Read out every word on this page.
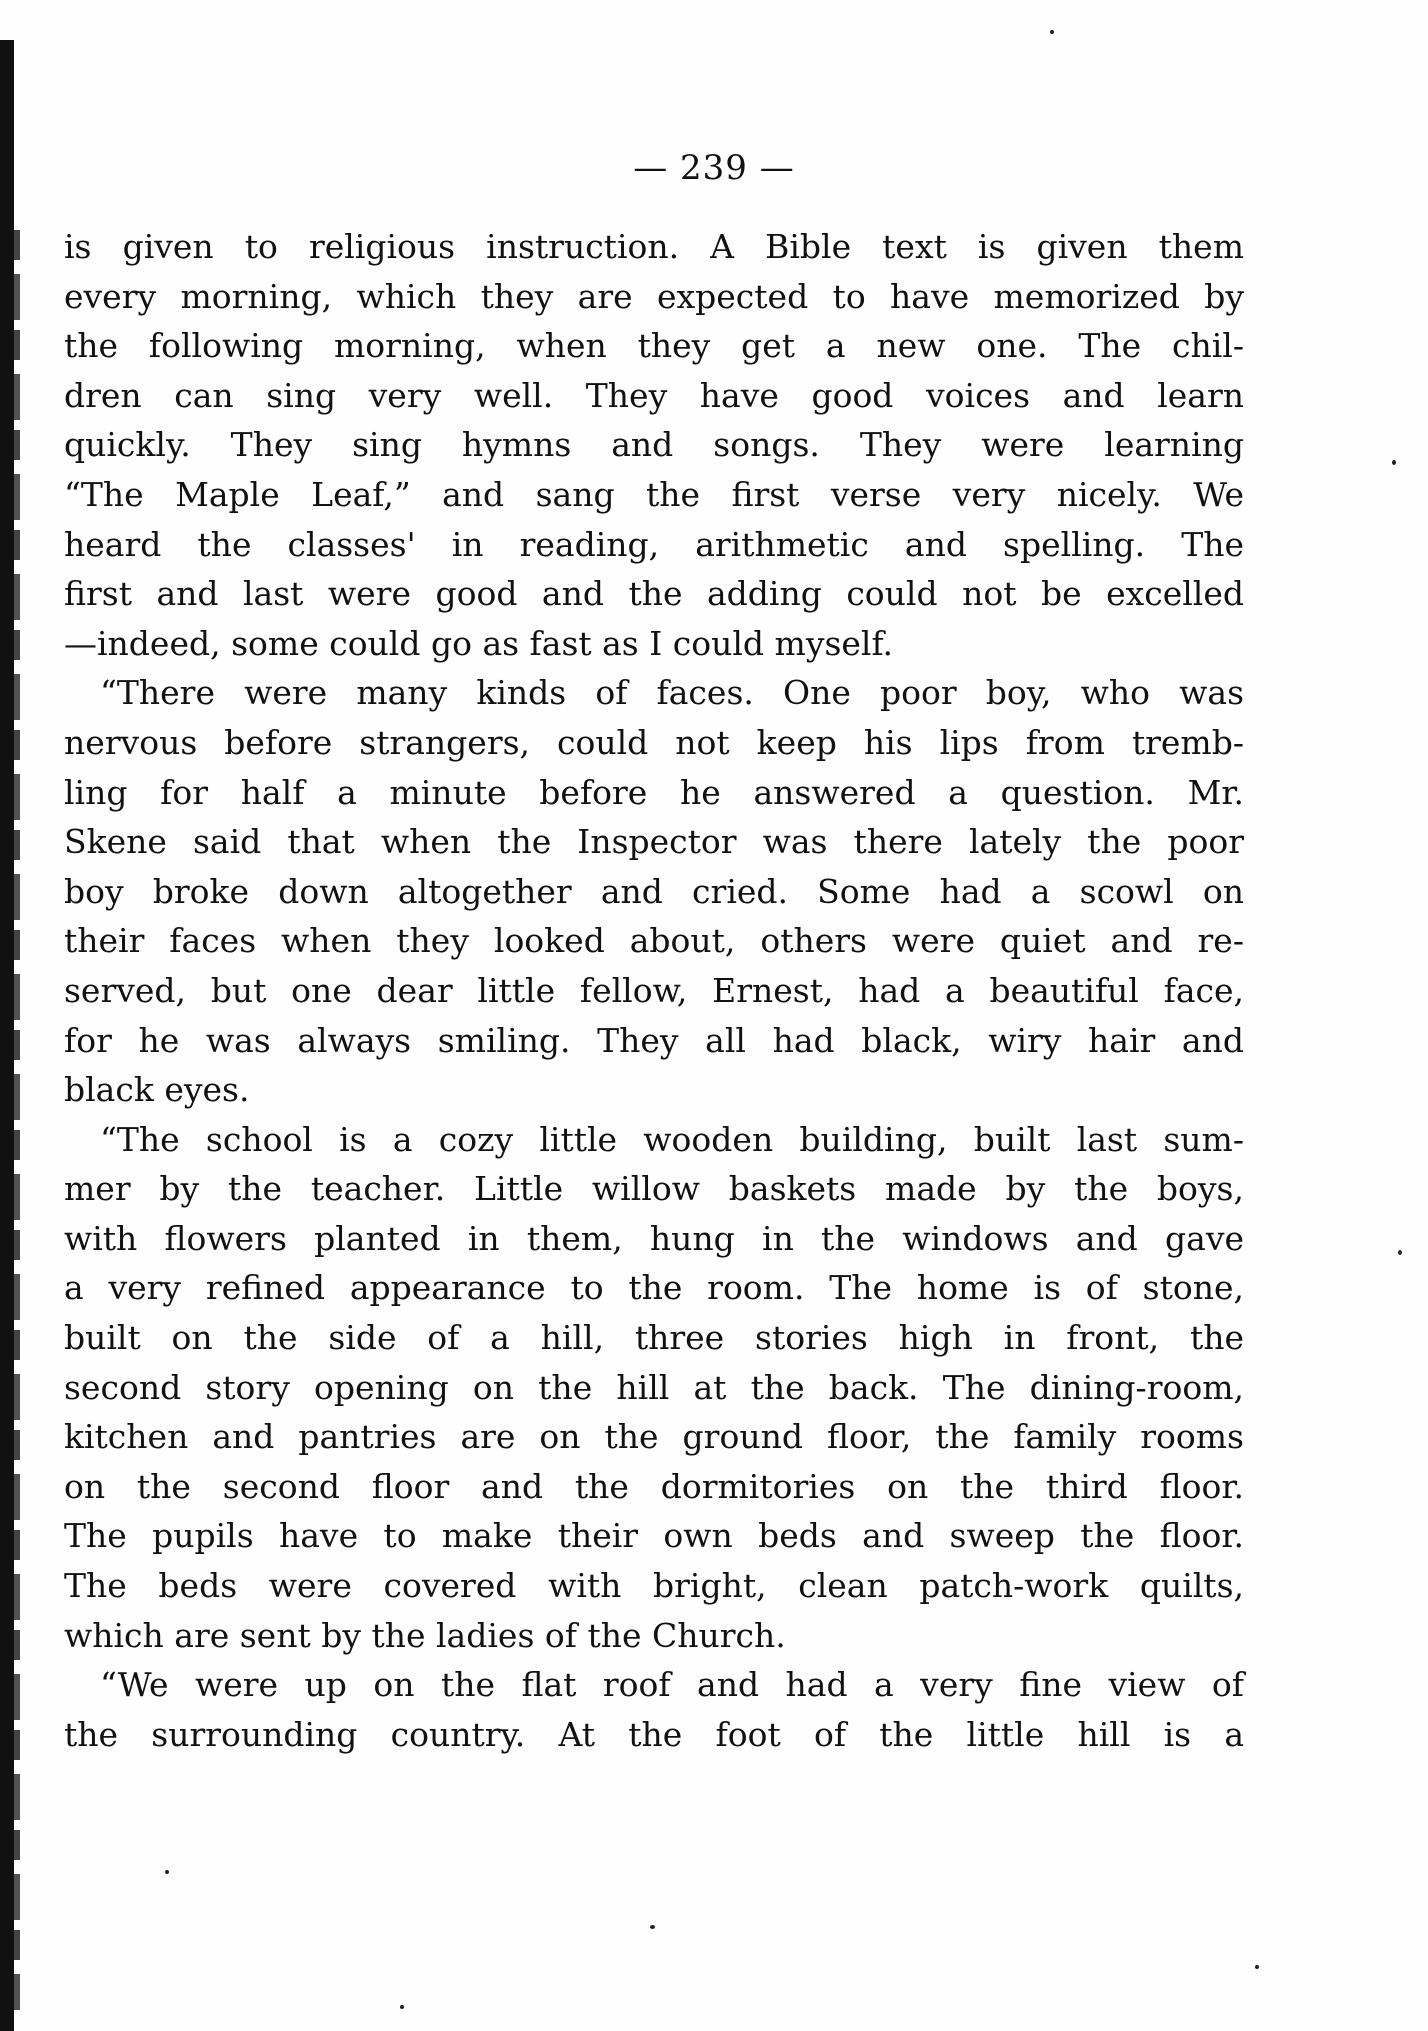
— 239 —
is given to religious instruction. A Bible text is given them
every morning, which they are expected to have memorized by
the following morning, when they get a new one. The chil-
dren can sing very well. They have good voices and learn
quickly. They sing hymns and songs. They were learning
“The Maple Leaf,” and sang the first verse very nicely. We
heard the classes' in reading, arithmetic and spelling. The
first and last were good and the adding could not be excelled
—indeed, some could go as fast as I could myself.
“There were many kinds of faces. One poor boy, who was
nervous before strangers, could not keep his lips from tremb-
ling for half a minute before he answered a question. Mr.
Skene said that when the Inspector was there lately the poor
boy broke down altogether and cried. Some had a scowl on
their faces when they looked about, others were quiet and re-
served, but one dear little fellow, Ernest, had a beautiful face,
for he was always smiling. They all had black, wiry hair and
black eyes.
“The school is a cozy little wooden building, built last sum-
mer by the teacher. Little willow baskets made by the boys,
with flowers planted in them, hung in the windows and gave
a very refined appearance to the room. The home is of stone,
built on the side of a hill, three stories high in front, the
second story opening on the hill at the back. The dining-room,
kitchen and pantries are on the ground floor, the family rooms
on the second floor and the dormitories on the third floor.
The pupils have to make their own beds and sweep the floor.
The beds were covered with bright, clean patch-work quilts,
which are sent by the ladies of the Church.
“We were up on the flat roof and had a very fine view of
the surrounding country. At the foot of the little hill is a
